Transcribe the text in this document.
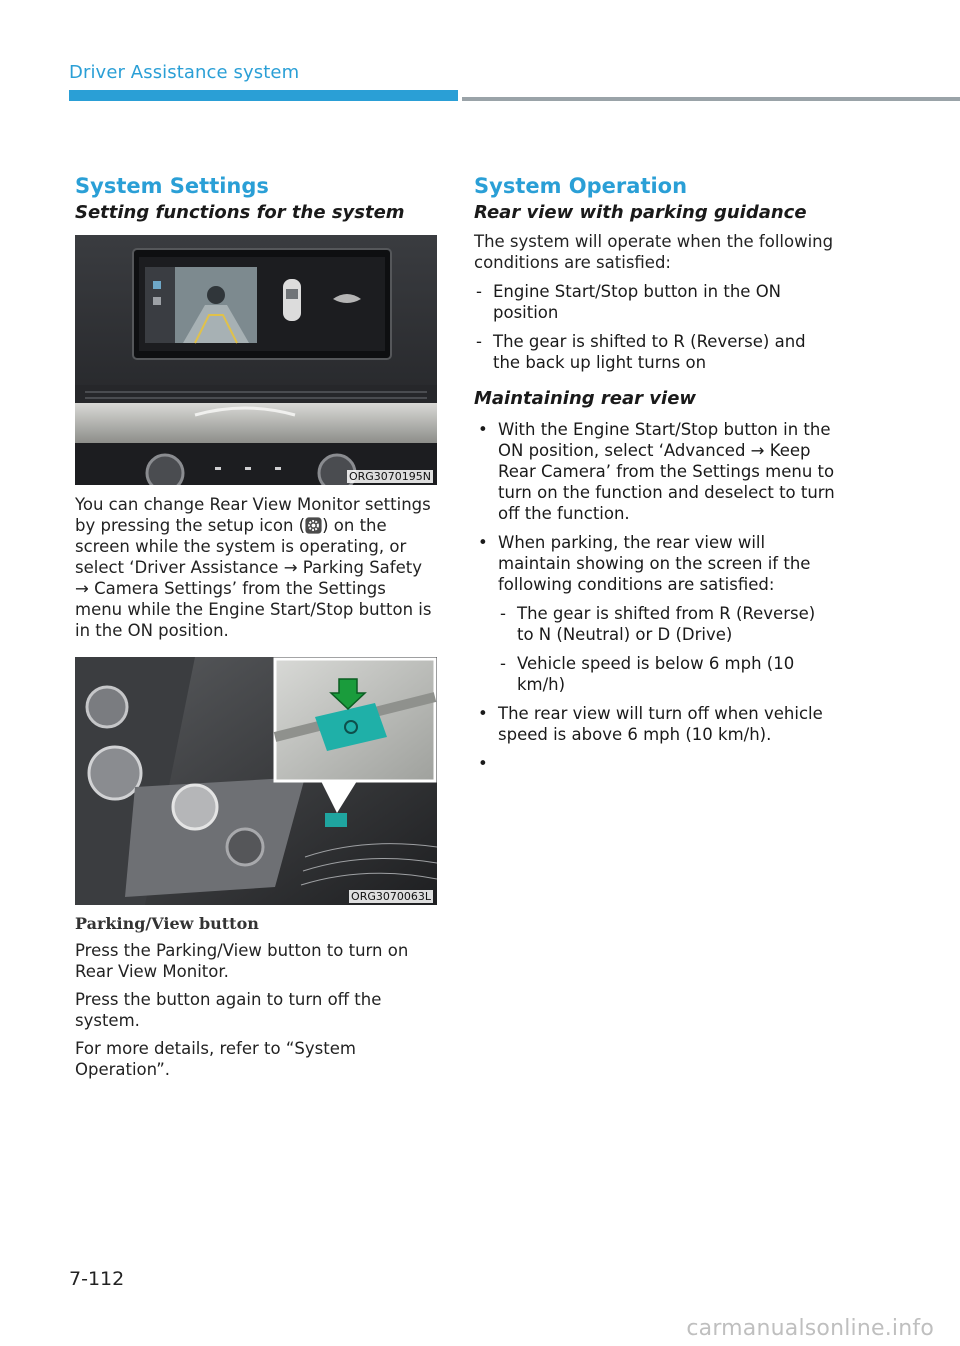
Driver Assistance system
System Settings
Setting functions for the system
ORG3070195N

You can change Rear View Monitor settings by pressing the setup icon ( ) on the screen while the system is operating, or select ‘Driver Assistance → Parking Safety → Camera Settings’ from the Settings menu while the Engine Start/Stop button is in the ON position.

ORG3070063L
Parking/View button

Press the Parking/View button to turn on Rear View Monitor.

Press the button again to turn off the system.

For more details, refer to “System Operation”.

System Operation
Rear view with parking guidance

The system will operate when the following conditions are satisfied:

- Engine Start/Stop button in the ON position
- The gear is shifted to R (Reverse) and the back up light turns on
Maintaining rear view
• With the Engine Start/Stop button in the ON position, select ‘Advanced → Keep Rear Camera’ from the Settings menu to turn on the function and deselect to turn off the function.
• When parking, the rear view will maintain showing on the screen if the following conditions are satisfied:
- The gear is shifted from R (Reverse) to N (Neutral) or D (Drive)
- Vehicle speed is below 6 mph (10 km/h)
• The rear view will turn off when vehicle speed is above 6 mph (10 km/h).
•
7-112
carmanualsonline.info
